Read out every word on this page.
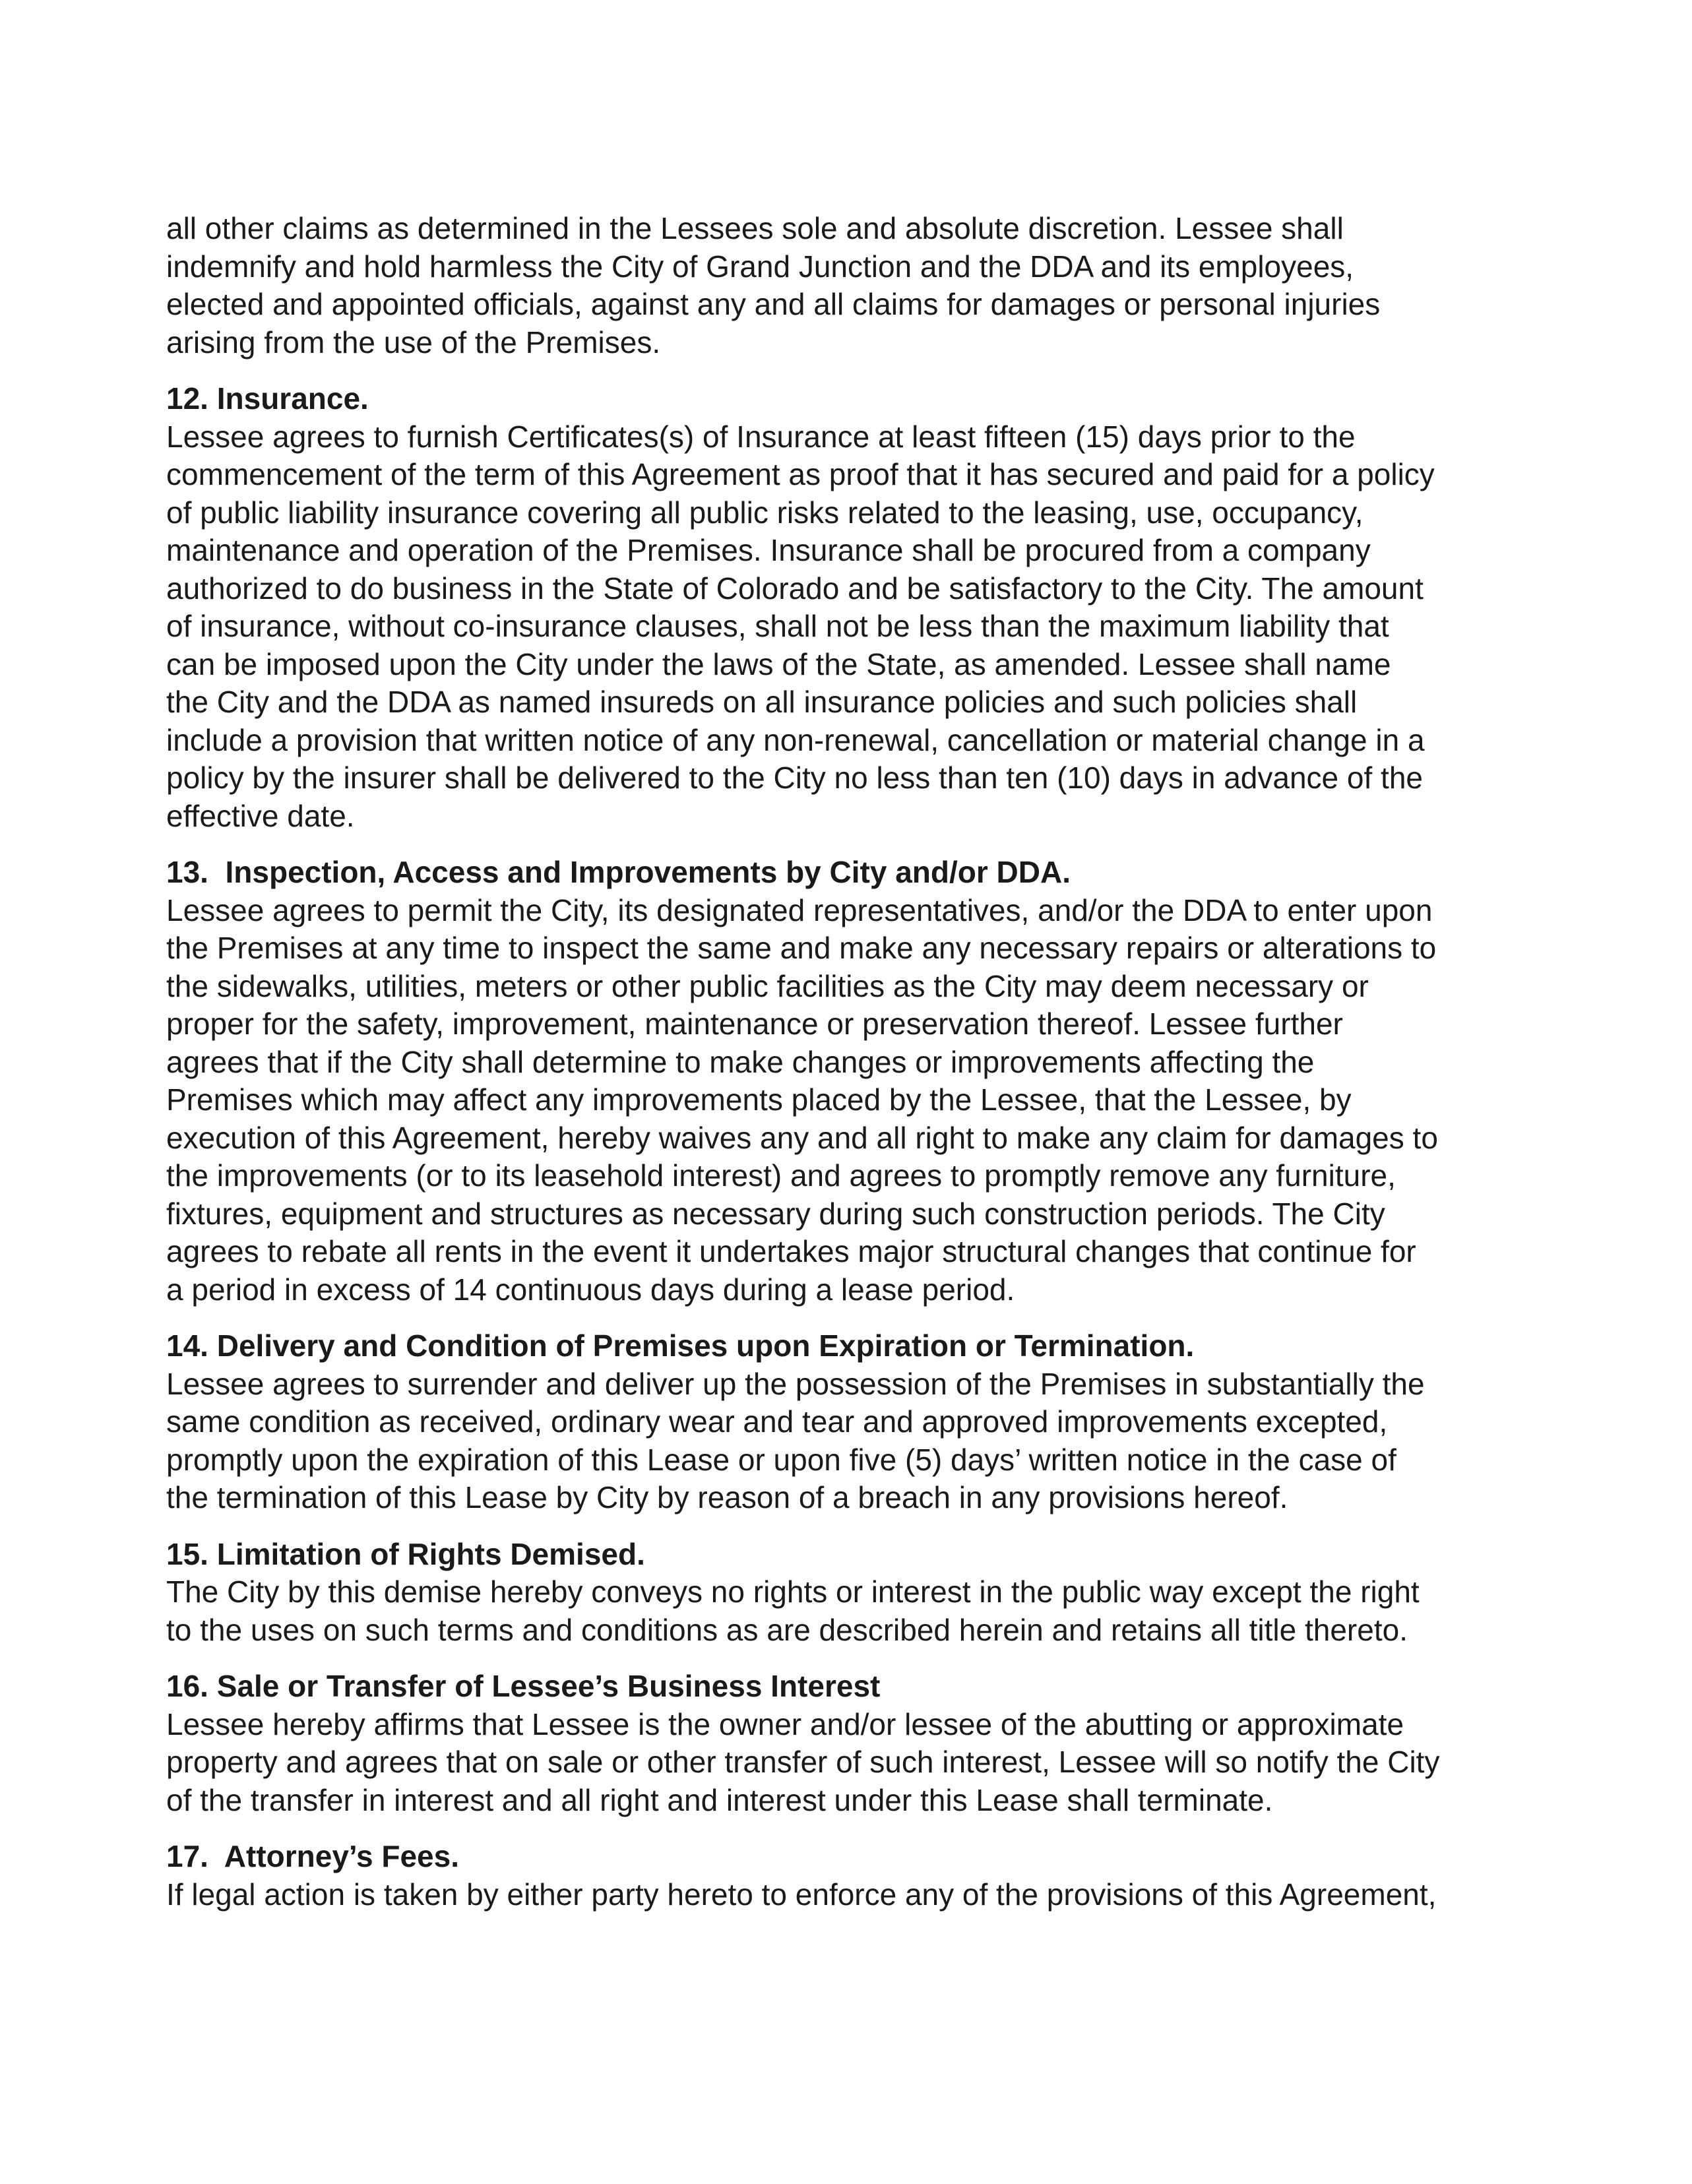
all other claims as determined in the Lessees sole and absolute discretion. Lessee shall
indemnify and hold harmless the City of Grand Junction and the DDA and its employees,
elected and appointed officials, against any and all claims for damages or personal injuries
arising from the use of the Premises.

12. Insurance.

Lessee agrees to furnish Certificates(s) of Insurance at least fifteen (15) days prior to the
commencement of the term of this Agreement as proof that it has secured and paid for a policy
of public liability insurance covering all public risks related to the leasing, use, occupancy,
maintenance and operation of the Premises. Insurance shall be procured from a company
authorized to do business in the State of Colorado and be satisfactory to the City. The amount
of insurance, without co-insurance clauses, shall not be less than the maximum liability that
can be imposed upon the City under the laws of the State, as amended. Lessee shall name
the City and the DDA as named insureds on all insurance policies and such policies shall
include a provision that written notice of any non-renewal, cancellation or material change in a
policy by the insurer shall be delivered to the City no less than ten (10) days in advance of the
effective date.

13.  Inspection, Access and Improvements by City and/or DDA.

Lessee agrees to permit the City, its designated representatives, and/or the DDA to enter upon
the Premises at any time to inspect the same and make any necessary repairs or alterations to
the sidewalks, utilities, meters or other public facilities as the City may deem necessary or
proper for the safety, improvement, maintenance or preservation thereof. Lessee further
agrees that if the City shall determine to make changes or improvements affecting the
Premises which may affect any improvements placed by the Lessee, that the Lessee, by
execution of this Agreement, hereby waives any and all right to make any claim for damages to
the improvements (or to its leasehold interest) and agrees to promptly remove any furniture,
fixtures, equipment and structures as necessary during such construction periods. The City
agrees to rebate all rents in the event it undertakes major structural changes that continue for
a period in excess of 14 continuous days during a lease period.

14. Delivery and Condition of Premises upon Expiration or Termination.

Lessee agrees to surrender and deliver up the possession of the Premises in substantially the
same condition as received, ordinary wear and tear and approved improvements excepted,
promptly upon the expiration of this Lease or upon five (5) days’ written notice in the case of
the termination of this Lease by City by reason of a breach in any provisions hereof.

15. Limitation of Rights Demised.

The City by this demise hereby conveys no rights or interest in the public way except the right
to the uses on such terms and conditions as are described herein and retains all title thereto.

16. Sale or Transfer of Lessee’s Business Interest

Lessee hereby affirms that Lessee is the owner and/or lessee of the abutting or approximate
property and agrees that on sale or other transfer of such interest, Lessee will so notify the City
of the transfer in interest and all right and interest under this Lease shall terminate.

17.  Attorney’s Fees.

If legal action is taken by either party hereto to enforce any of the provisions of this Agreement,
